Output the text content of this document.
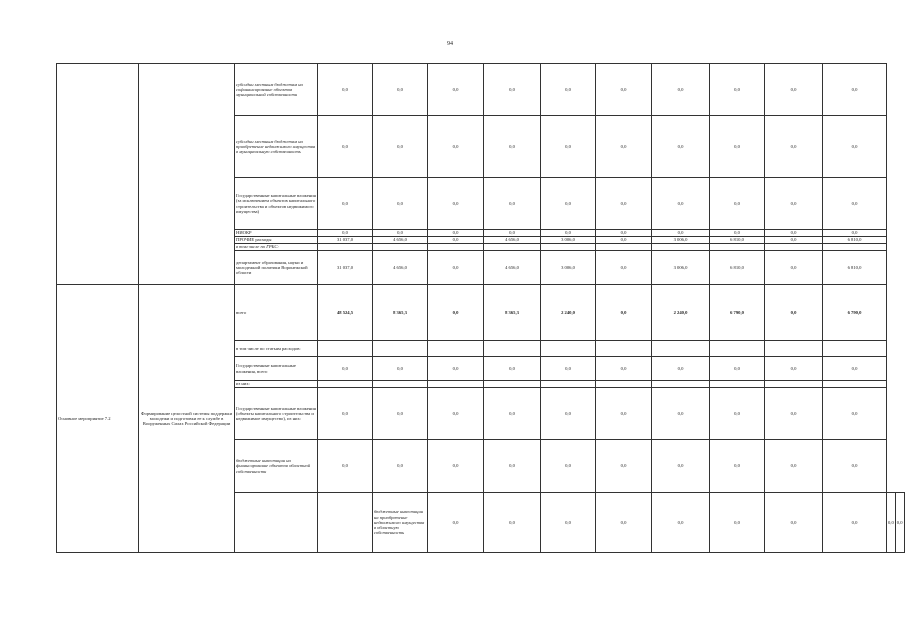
94
		субсидии местным бюджетам на софинансирование объектов муниципальной собственности	0,0	0,0	0,0	0,0	0,0	0,0	0,0	0,0	0,0	0,0		
		субсидии местным бюджетам на приобретение недвижимого имущества в муниципальную собственность	0,0	0,0	0,0	0,0	0,0	0,0	0,0	0,0	0,0	0,0		
		Государственные капитальные вложения (за исключением объектов капитального строительства и объектов недвижимого имущества)	0,0	0,0	0,0	0,0	0,0	0,0	0,0	0,0	0,0	0,0		
		НИОКР	0,0	0,0	0,0	0,0	0,0	0,0	0,0	0,0	0,0	0,0		
		ПРОЧИЕ расходы	31 037,0	4 656,0	0,0	4 656,0	3 006,0	0,0	3 006,0	6 810,0	0,0	6 810,0		
		в том числе по ГРБС:												
		департамент образования, науки и молодежной политики Воронежской области	31 037,0	4 656,0	0,0	4 656,0	3 006,0	0,0	3 006,0	6 810,0	0,0	6 810,0		
Основное мероприятие 7.2	Формирование целостной системы поддержки молодежи и подготовки ее к службе в Вооруженных Силах Российской Федерации	всего	48 524,5	8 365,3	0,0	8 365,3	2 240,0	0,0	2 240,0	6 790,0	0,0	6 790,0		
		в том числе по статьям расходов:												
		Государственные капитальные вложения, всего	0,0	0,0	0,0	0,0	0,0	0,0	0,0	0,0	0,0	0,0		
		из них:												
		Государственные капитальные вложения (объекты капитального строительства и недвижимое имущество), из них:	0,0	0,0	0,0	0,0	0,0	0,0	0,0	0,0	0,0	0,0		
		бюджетные инвестиции на финансирование объектов областной собственности	0,0	0,0	0,0	0,0	0,0	0,0	0,0	0,0	0,0	0,0		
				бюджетные инвестиции на приобретение недвижимого имущества в областную собственность	0,0	0,0	0,0	0,0	0,0	0,0	0,0	0,0	0,0	0,0
